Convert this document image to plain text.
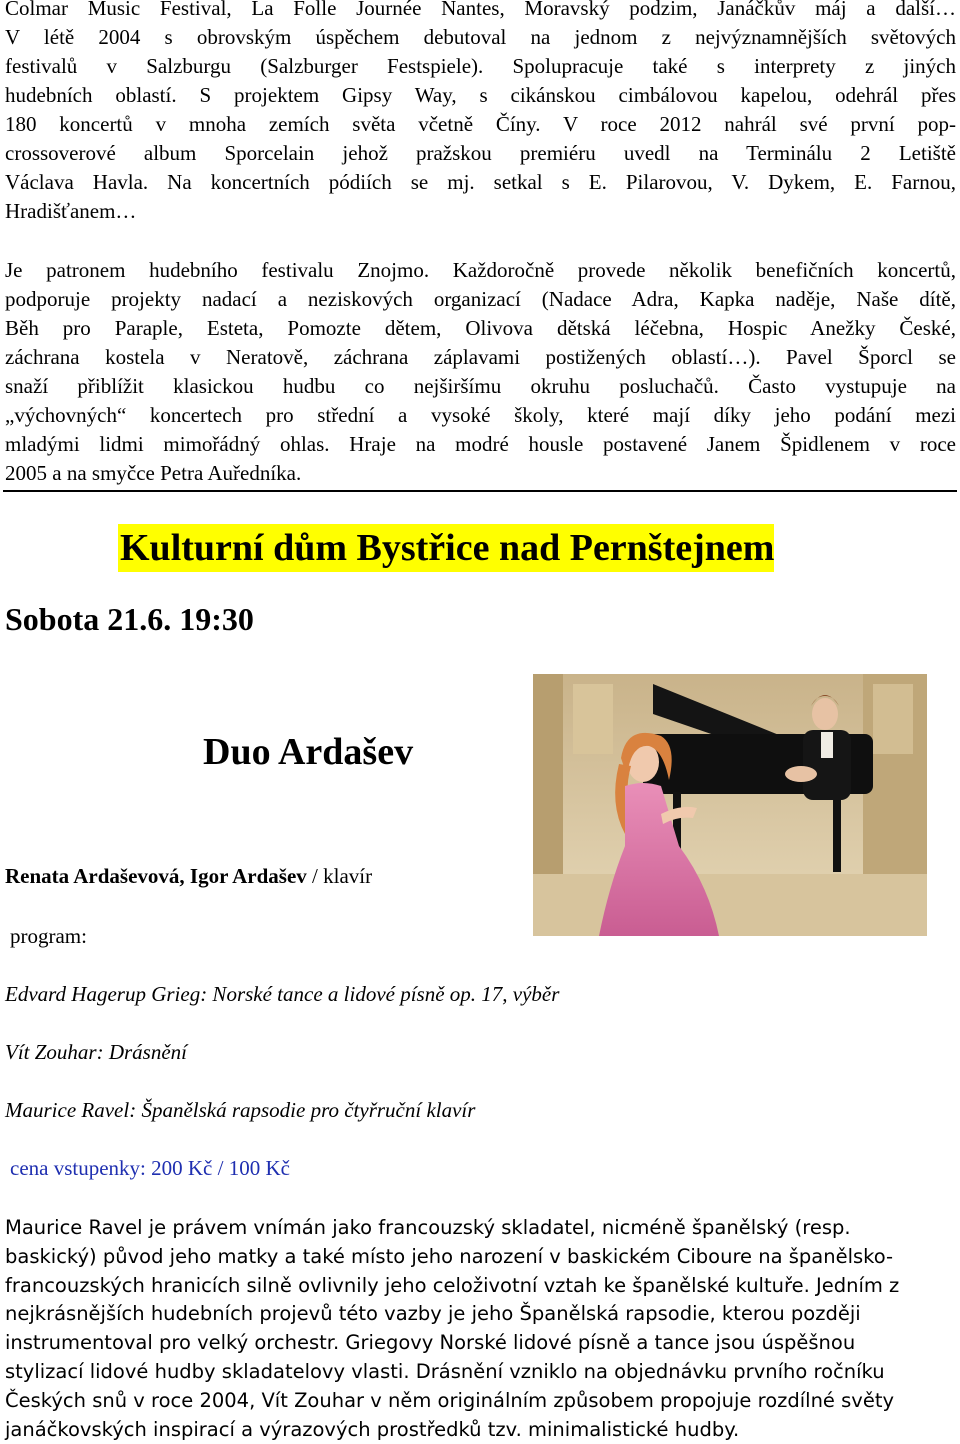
Colmar Music Festival, La Folle Journée Nantes, Moravský podzim, Janáčkův máj a další…
V létě 2004 s obrovským úspěchem debutoval na jednom z nejvýznamnějších světových
festivalů v Salzburgu (Salzburger Festspiele). Spolupracuje také s interprety z jiných
hudebních oblastí. S projektem Gipsy Way, s cikánskou cimbálovou kapelou, odehrál přes
180 koncertů v mnoha zemích světa včetně Číny. V roce 2012 nahrál své první pop-
crossoverové album Sporcelain jehož pražskou premiéru uvedl na Terminálu 2 Letiště
Václava Havla. Na koncertních pódiích se mj. setkal s E. Pilarovou, V. Dykem, E. Farnou,
Hradišťanem…
Je patronem hudebního festivalu Znojmo. Každoročně provede několik benefičních koncertů,
podporuje projekty nadací a neziskových organizací (Nadace Adra, Kapka naděje, Naše dítě,
Běh pro Paraple, Esteta, Pomozte dětem, Olivova dětská léčebna, Hospic Anežky České,
záchrana kostela v Neratově, záchrana záplavami postižených oblastí…). Pavel Šporcl se
snaží přiblížit klasickou hudbu co nejširšímu okruhu posluchačů. Často vystupuje na
„výchovných“ koncertech pro střední a vysoké školy, které mají díky jeho podání mezi
mladými lidmi mimořádný ohlas. Hraje na modré housle postavené Janem Špidlenem v roce
2005 a na smyčce Petra Auředníka.
Kulturní dům Bystřice nad Pernštejnem

Sobota 21.6. 19:30

Duo Ardašev

Renata Ardaševová, Igor Ardašev / klavír

program:

Edvard Hagerup Grieg: Norské tance a lidové písně op. 17, výběr

Vít Zouhar: Drásnění

Maurice Ravel: Španělská rapsodie pro čtyřruční klavír

cena vstupenky: 200 Kč / 100 Kč

Maurice Ravel je právem vnímán jako francouzský skladatel, nicméně španělský (resp.
baskický) původ jeho matky a také místo jeho narození v baskickém Ciboure na španělsko-
francouzských hranicích silně ovlivnily jeho celoživotní vztah ke španělské kultuře. Jedním z
nejkrásnějších hudebních projevů této vazby je jeho Španělská rapsodie, kterou později
instrumentoval pro velký orchestr. Griegovy Norské lidové písně a tance jsou úspěšnou
stylizací lidové hudby skladatelovy vlasti. Drásnění vzniklo na objednávku prvního ročníku
Českých snů v roce 2004, Vít Zouhar v něm originálním způsobem propojuje rozdílné světy
janáčkovských inspirací a výrazových prostředků tzv. minimalistické hudby.
